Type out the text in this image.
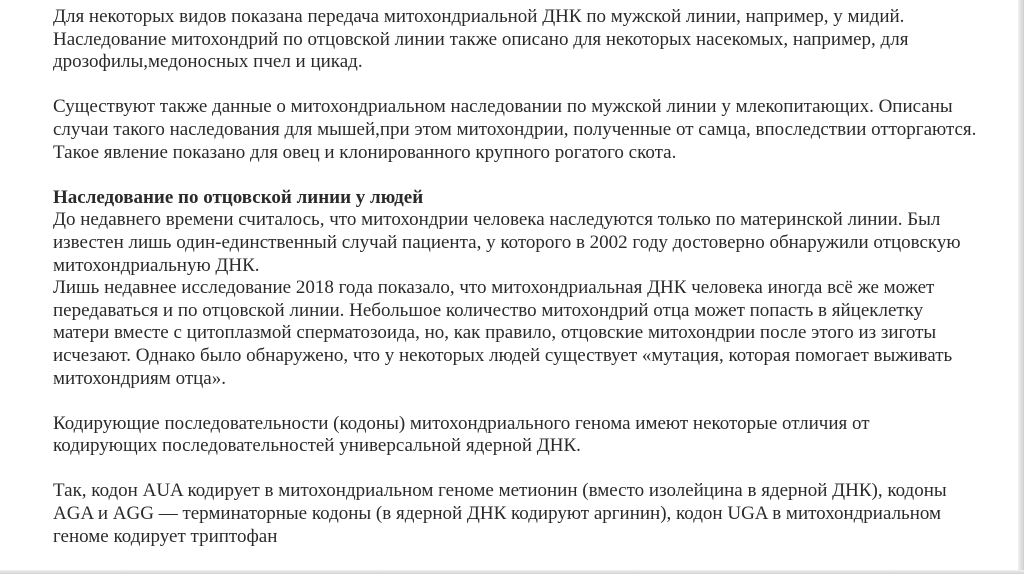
Для некоторых видов показана передача митохондриальной ДНК по мужской линии, например, у мидий.
Наследование митохондрий по отцовской линии также описано для некоторых насекомых, например, для
дрозофилы,медоносных пчел и цикад.
Существуют также данные о митохондриальном наследовании по мужской линии у млекопитающих. Описаны
случаи такого наследования для мышей,при этом митохондрии, полученные от самца, впоследствии отторгаются.
Такое явление показано для овец и клонированного крупного рогатого скота.
Наследование по отцовской линии у людей
До недавнего времени считалось, что митохондрии человека наследуются только по материнской линии. Был
известен лишь один-единственный случай пациента, у которого в 2002 году достоверно обнаружили отцовскую
митохондриальную ДНК.
Лишь недавнее исследование 2018 года показало, что митохондриальная ДНК человека иногда всё же может
передаваться и по отцовской линии. Небольшое количество митохондрий отца может попасть в яйцеклетку
матери вместе с цитоплазмой сперматозоида, но, как правило, отцовские митохондрии после этого из зиготы
исчезают. Однако было обнаружено, что у некоторых людей существует «мутация, которая помогает выживать
митохондриям отца».
Кодирующие последовательности (кодоны) митохондриального генома имеют некоторые отличия от
кодирующих последовательностей универсальной ядерной ДНК.
Так, кодон AUA кодирует в митохондриальном геноме метионин (вместо изолейцина в ядерной ДНК), кодоны
AGA и AGG — терминаторные кодоны (в ядерной ДНК кодируют аргинин), кодон UGA в митохондриальном
геноме кодирует триптофан
